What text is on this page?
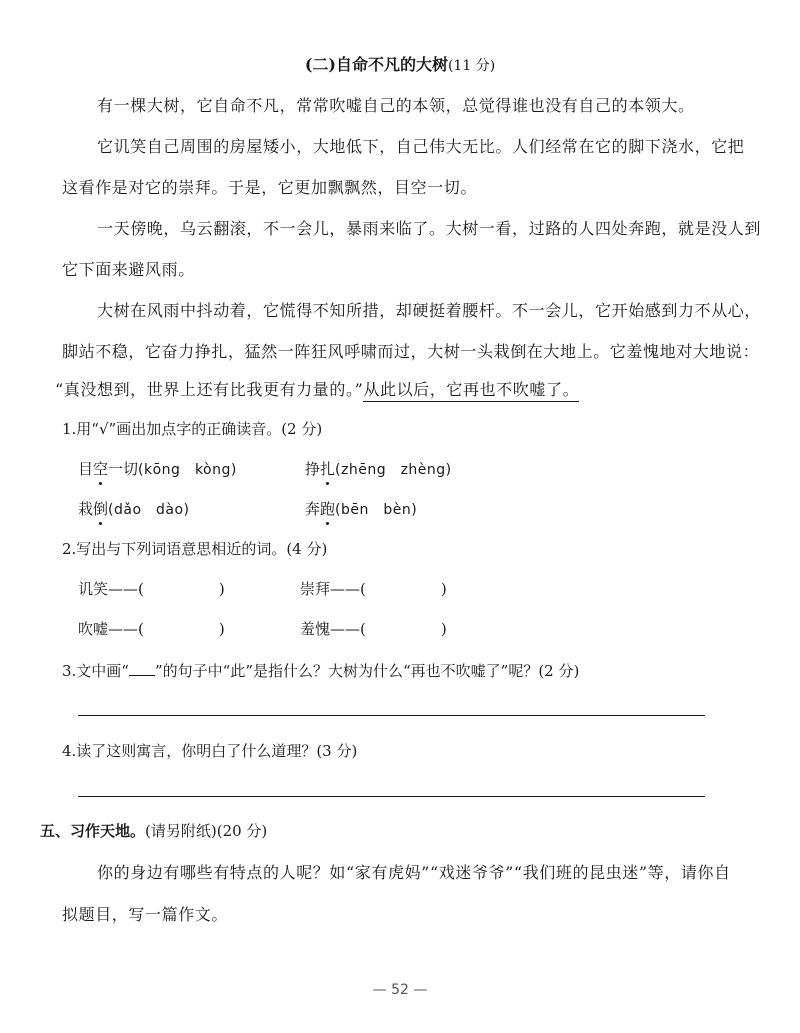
(二)自命不凡的大树(11 分)
有一棵大树，它自命不凡，常常吹嘘自己的本领，总觉得谁也没有自己的本领大。
它讥笑自己周围的房屋矮小，大地低下，自己伟大无比。人们经常在它的脚下浇水，它把
这看作是对它的崇拜。于是，它更加飘飘然，目空一切。
一天傍晚，乌云翻滚，不一会儿，暴雨来临了。大树一看，过路的人四处奔跑，就是没人到
它下面来避风雨。
大树在风雨中抖动着，它慌得不知所措，却硬挺着腰杆。不一会儿，它开始感到力不从心，
脚站不稳，它奋力挣扎，猛然一阵狂风呼啸而过，大树一头栽倒在大地上。它羞愧地对大地说：
“真没想到，世界上还有比我更有力量的。”从此以后，它再也不吹嘘了。
1.用“√”画出加点字的正确读音。(2 分)
目空一切(kōng　kòng)	挣扎(zhēng　zhèng)
栽倒(dǎo　dào)	奔跑(bēn　bèn)
2.写出与下列词语意思相近的词。(4 分)
讥笑——(　　　　　)	崇拜——(　　　　　)
吹嘘——(　　　　　)	羞愧——(　　　　　)
3.文中画“ ”的句子中“此”是指什么？大树为什么“再也不吹嘘了”呢？(2 分)
4.读了这则寓言，你明白了什么道理？(3 分)
五、习作天地。(请另附纸)(20 分)
你的身边有哪些有特点的人呢？如“家有虎妈”“戏迷爷爷”“我们班的昆虫迷”等，请你自
拟题目，写一篇作文。
— 52 —
